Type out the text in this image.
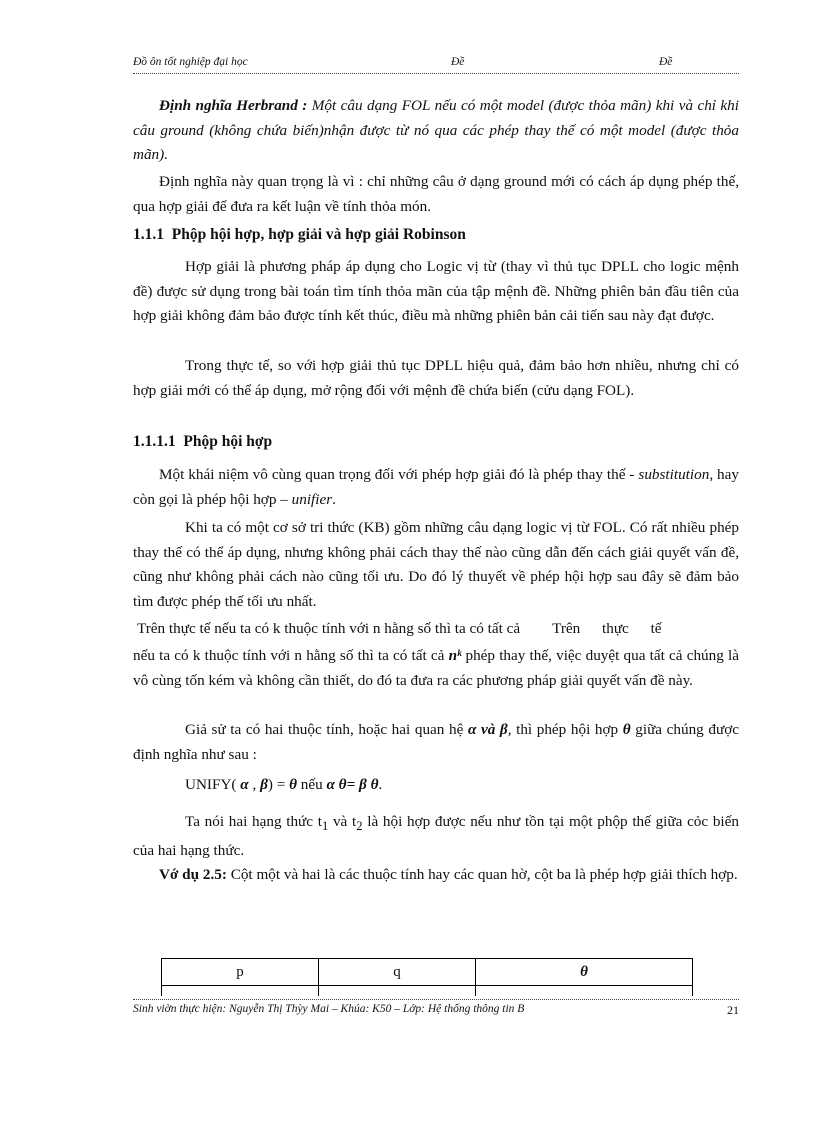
Đồ ôn tốt nghiệp đại học	Đề	Đề

Định nghĩa Herbrand : Một câu dạng FOL nếu có một model (được thỏa mãn) khi và chỉ khi câu ground (không chứa biến)nhận được từ nó qua các phép thay thế có một model (được thỏa mãn).

Định nghĩa này quan trọng là vì : chỉ những câu ở dạng ground mới có cách áp dụng phép thế, qua hợp giải để đưa ra kết luận về tính thỏa món.

1.1.1 Phộp hội hợp, hợp giải và hợp giải Robinson

Hợp giải là phương pháp áp dụng cho Logic vị từ (thay vì thủ tục DPLL cho logic mệnh đề) được sử dụng trong bài toán tìm tính thỏa mãn của tập mệnh đề. Những phiên bản đầu tiên của hợp giải không đảm bảo được tính kết thúc, điều mà những phiên bản cải tiến sau này đạt được.

Trong thực tế, so với hợp giải thủ tục DPLL hiệu quả, đảm bảo hơn nhiều, nhưng chỉ có hợp giải mới có thể áp dụng, mở rộng đối với mệnh đề chứa biến (cửu dạng FOL).

1.1.1.1 Phộp hội hợp

Một khái niệm vô cùng quan trọng đối với phép hợp giải đó là phép thay thế - substitution, hay còn gọi là phép hội hợp – unifier.

Khi ta có một cơ sở tri thức (KB) gồm những câu dạng logic vị từ FOL. Có rất nhiều phép thay thế có thể áp dụng, nhưng không phải cách thay thế nào cũng dẫn đến cách giải quyết vấn đề, cũng như không phải cách nào cũng tối ưu. Do đó lý thuyết về phép hội hợp sau đây sẽ đảm bảo tìm được phép thế tối ưu nhất.

Trên thực tế nếu ta có k thuộc tính với n hằng số thì ta có tất cả Trên thực tế

nếu ta có k thuộc tính với n hằng số thì ta có tất cả nᵏ phép thay thế, việc duyệt qua tất cả chúng là vô cùng tốn kém và không cần thiết, do đó ta đưa ra các phương pháp giải quyết vấn đề này.

Giả sử ta có hai thuộc tính, hoặc hai quan hệ α và β, thì phép hội hợp θ giữa chúng được định nghĩa như sau :

UNIFY( α , β) = θ nếu α θ= β θ.

Ta nói hai hạng thức $t_1$ và $t_2$ là hội hợp được nếu như tồn tại một phộp thế giữa cỏc biến của hai hạng thức.

Vớ dụ 2.5: Cột một và hai là các thuộc tính hay các quan hờ, cột ba là phép hợp giải thích hợp.

p	q	θ

Sinh viờn thực hiện: Nguyễn Thị Thỳy Mai – Khúa: K50 – Lớp: Hệ thống thông tin B	21
